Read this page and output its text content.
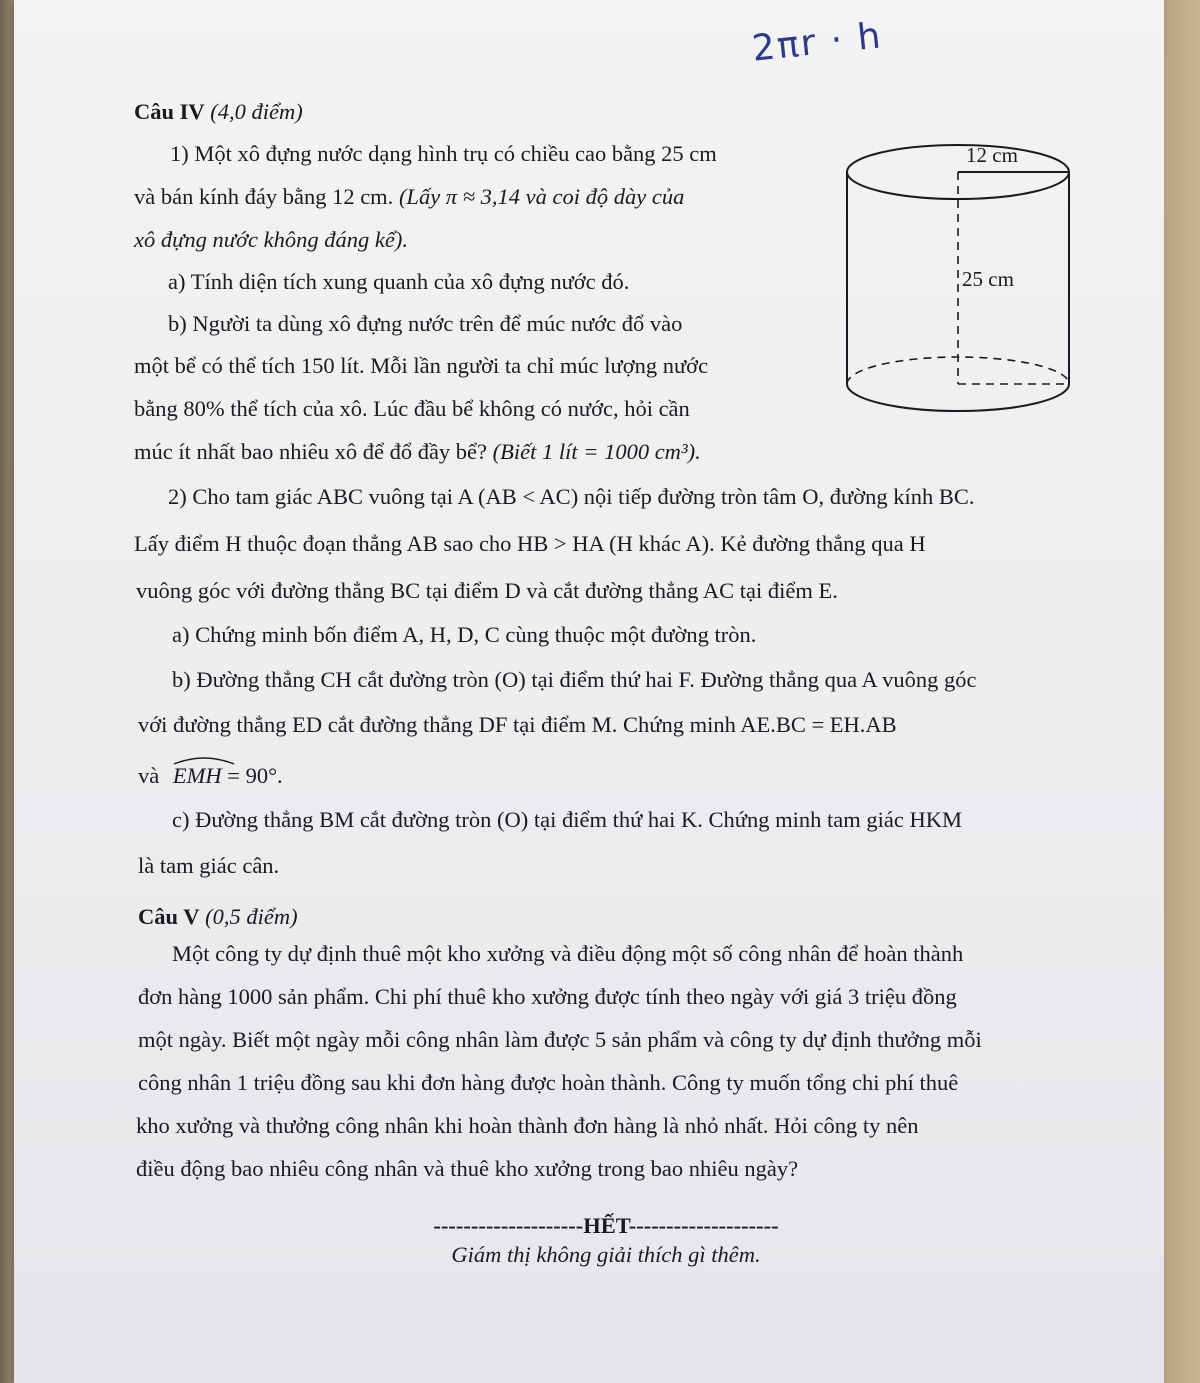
2πr · h
Câu IV (4,0 điểm)
1) Một xô đựng nước dạng hình trụ có chiều cao bằng 25 cm
và bán kính đáy bằng 12 cm. (Lấy π ≈ 3,14 và coi độ dày của
xô đựng nước không đáng kể).
a) Tính diện tích xung quanh của xô đựng nước đó.
b) Người ta dùng xô đựng nước trên để múc nước đổ vào
một bể có thể tích 150 lít. Mỗi lần người ta chỉ múc lượng nước
bằng 80% thể tích của xô. Lúc đầu bể không có nước, hỏi cần
múc ít nhất bao nhiêu xô để đổ đầy bể? (Biết 1 lít = 1000 cm³).
12 cm
25 cm
2) Cho tam giác ABC vuông tại A (AB < AC) nội tiếp đường tròn tâm O, đường kính BC.
Lấy điểm H thuộc đoạn thẳng AB sao cho HB > HA (H khác A). Kẻ đường thẳng qua H
vuông góc với đường thẳng BC tại điểm D và cắt đường thẳng AC tại điểm E.
a) Chứng minh bốn điểm A, H, D, C cùng thuộc một đường tròn.
b) Đường thẳng CH cắt đường tròn (O) tại điểm thứ hai F. Đường thẳng qua A vuông góc
với đường thẳng ED cắt đường thẳng DF tại điểm M. Chứng minh AE.BC = EH.AB
và EMH = 90°.
c) Đường thẳng BM cắt đường tròn (O) tại điểm thứ hai K. Chứng minh tam giác HKM
là tam giác cân.
Câu V (0,5 điểm)
Một công ty dự định thuê một kho xưởng và điều động một số công nhân để hoàn thành
đơn hàng 1000 sản phẩm. Chi phí thuê kho xưởng được tính theo ngày với giá 3 triệu đồng
một ngày. Biết một ngày mỗi công nhân làm được 5 sản phẩm và công ty dự định thưởng mỗi
công nhân 1 triệu đồng sau khi đơn hàng được hoàn thành. Công ty muốn tổng chi phí thuê
kho xưởng và thưởng công nhân khi hoàn thành đơn hàng là nhỏ nhất. Hỏi công ty nên
điều động bao nhiêu công nhân và thuê kho xưởng trong bao nhiêu ngày?
--------------------HẾT--------------------
Giám thị không giải thích gì thêm.
